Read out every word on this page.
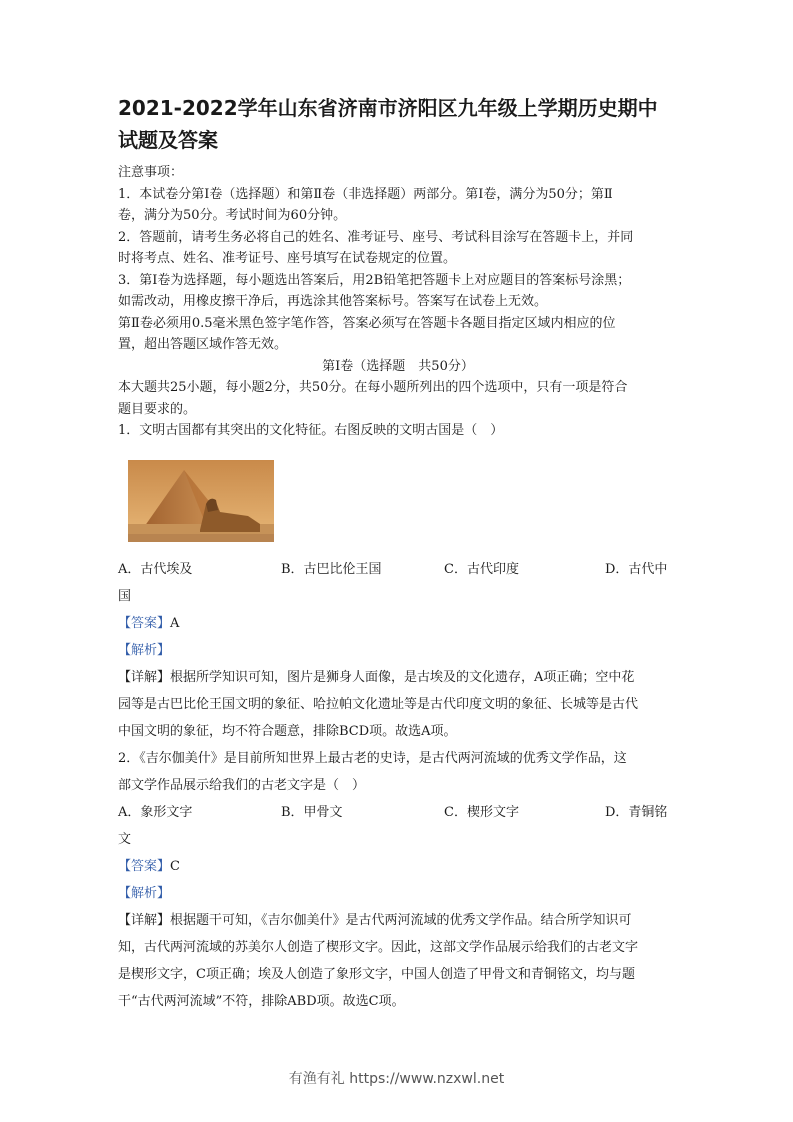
2021-2022学年山东省济南市济阳区九年级上学期历史期中
试题及答案

注意事项：

1．本试卷分第Ⅰ卷（选择题）和第Ⅱ卷（非选择题）两部分。第Ⅰ卷，满分为50分；第Ⅱ

卷，满分为50分。考试时间为60分钟。

2．答题前，请考生务必将自己的姓名、准考证号、座号、考试科目涂写在答题卡上，并同

时将考点、姓名、准考证号、座号填写在试卷规定的位置。

3．第Ⅰ卷为选择题，每小题选出答案后，用2B铅笔把答题卡上对应题目的答案标号涂黑；

如需改动，用橡皮擦干净后，再选涂其他答案标号。答案写在试卷上无效。

第Ⅱ卷必须用0.5毫米黑色签字笔作答，答案必须写在答题卡各题目指定区域内相应的位

置，超出答题区域作答无效。

第Ⅰ卷（选择题　共50分）

本大题共25小题，每小题2分，共50分。在每小题所列出的四个选项中，只有一项是符合

题目要求的。

1．文明古国都有其突出的文化特征。右图反映的文明古国是（　）

A．古代埃及	B．古巴比伦王国	C．古代印度	D．古代中

国

【答案】A

【解析】

【详解】根据所学知识可知，图片是狮身人面像，是古埃及的文化遗存，A项正确；空中花

园等是古巴比伦王国文明的象征、哈拉帕文化遗址等是古代印度文明的象征、长城等是古代

中国文明的象征，均不符合题意，排除BCD项。故选A项。

2．《吉尔伽美什》是目前所知世界上最古老的史诗，是古代两河流域的优秀文学作品，这

部文学作品展示给我们的古老文字是（　）

A．象形文字	B．甲骨文	C．楔形文字	D．青铜铭

文

【答案】C

【解析】

【详解】根据题干可知，《吉尔伽美什》是古代两河流域的优秀文学作品。结合所学知识可

知，古代两河流域的苏美尔人创造了楔形文字。因此，这部文学作品展示给我们的古老文字

是楔形文字，C项正确；埃及人创造了象形文字，中国人创造了甲骨文和青铜铭文，均与题

干“古代两河流域”不符，排除ABD项。故选C项。

有渔有礼 https://www.nzxwl.net
